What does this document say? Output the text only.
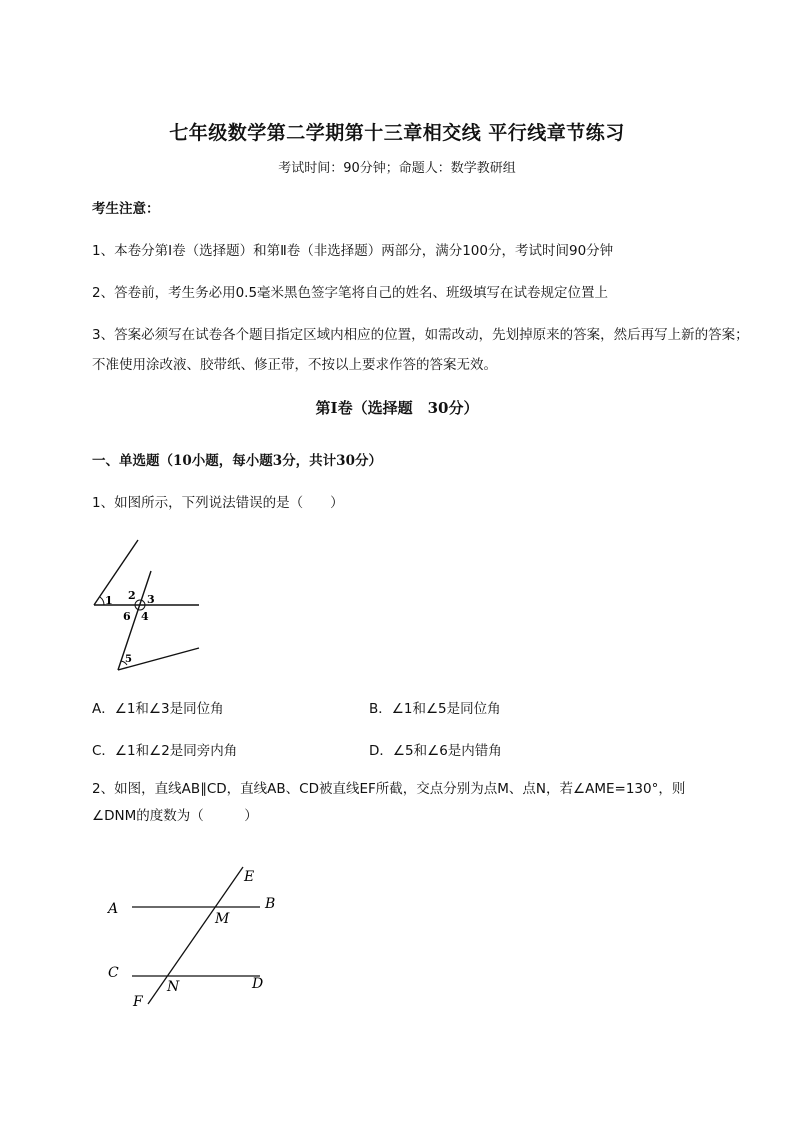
七年级数学第二学期第十三章相交线 平行线章节练习
考试时间：90分钟；命题人：数学教研组
考生注意：
1、本卷分第I卷（选择题）和第Ⅱ卷（非选择题）两部分，满分100分，考试时间90分钟
2、答卷前，考生务必用0.5毫米黑色签字笔将自己的姓名、班级填写在试卷规定位置上
3、答案必须写在试卷各个题目指定区域内相应的位置，如需改动，先划掉原来的答案，然后再写上新的答案；不准使用涂改液、胶带纸、修正带，不按以上要求作答的答案无效。
第I卷（选择题　30分）
一、单选题（10小题，每小题3分，共计30分）
1、如图所示，下列说法错误的是（　　）
1 2 3
6 4
5
A．∠1和∠3是同位角	B．∠1和∠5是同位角
C．∠1和∠2是同旁内角	D．∠5和∠6是内错角
2、如图，直线AB∥CD，直线AB、CD被直线EF所截，交点分别为点M、点N，若∠AME=130°，则
∠DNM的度数为（　　　）
E
A	B
M
C
N	D
F
